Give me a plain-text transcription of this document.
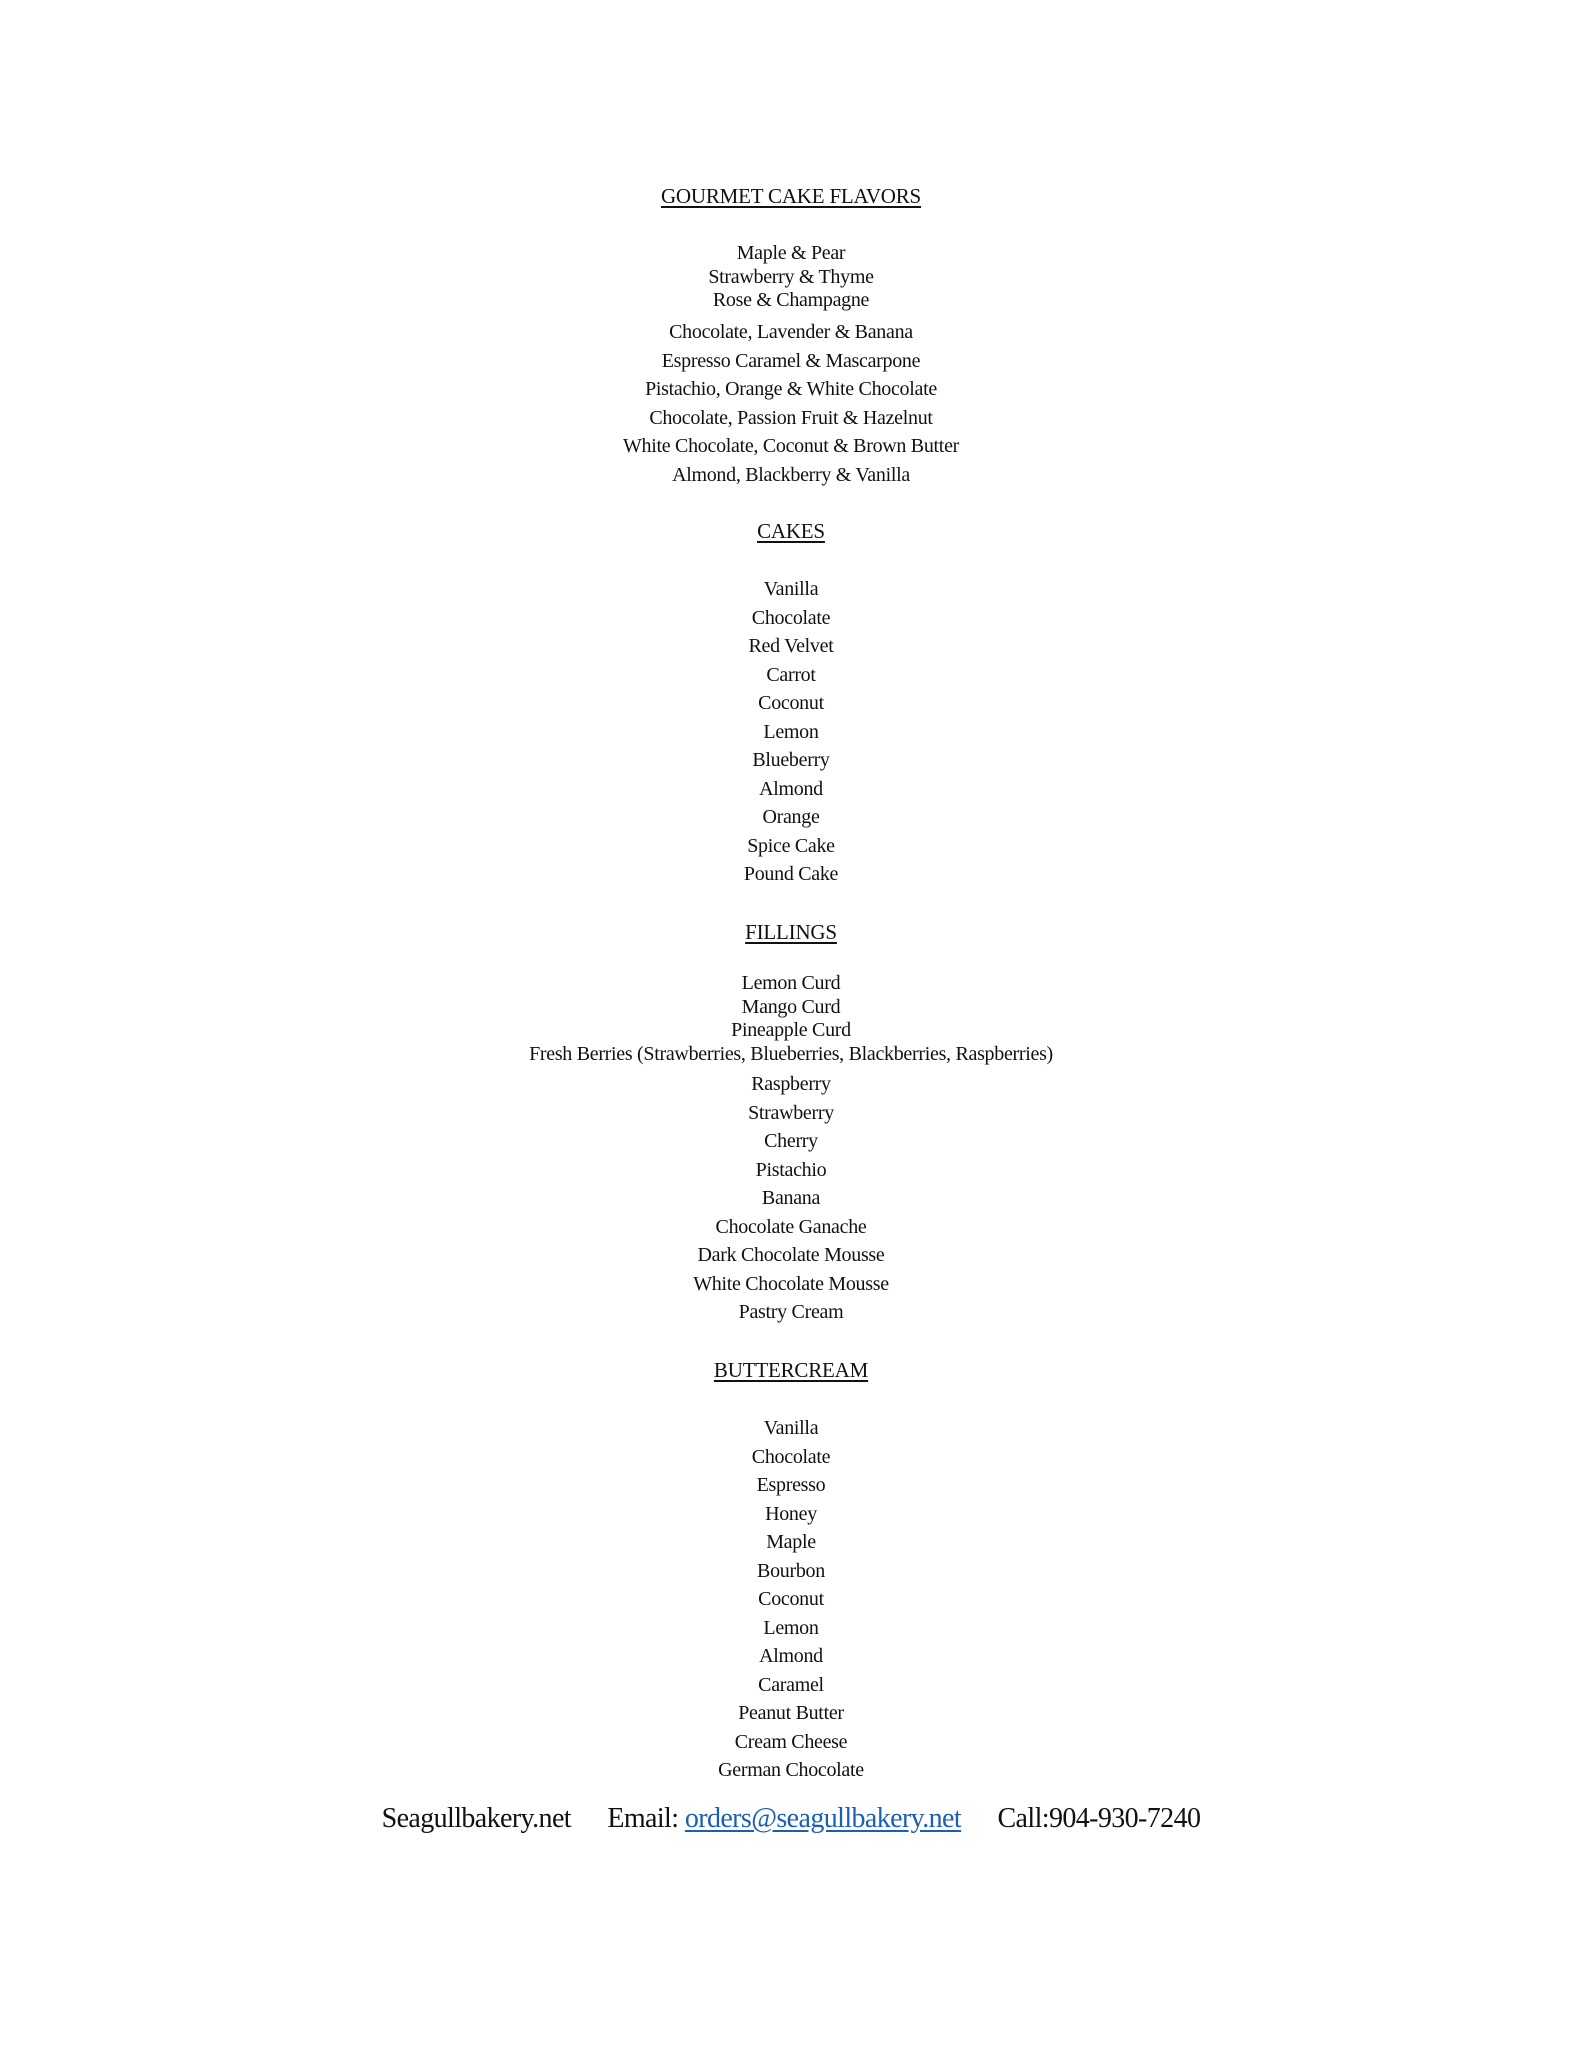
GOURMET CAKE FLAVORS
Maple & Pear
Strawberry & Thyme
Rose & Champagne
Chocolate, Lavender & Banana
Espresso Caramel & Mascarpone
Pistachio, Orange & White Chocolate
Chocolate, Passion Fruit & Hazelnut
White Chocolate, Coconut & Brown Butter
Almond, Blackberry & Vanilla
CAKES
Vanilla
Chocolate
Red Velvet
Carrot
Coconut
Lemon
Blueberry
Almond
Orange
Spice Cake
Pound Cake
FILLINGS
Lemon Curd
Mango Curd
Pineapple Curd
Fresh Berries (Strawberries, Blueberries, Blackberries, Raspberries)
Raspberry
Strawberry
Cherry
Pistachio
Banana
Chocolate Ganache
Dark Chocolate Mousse
White Chocolate Mousse
Pastry Cream
BUTTERCREAM
Vanilla
Chocolate
Espresso
Honey
Maple
Bourbon
Coconut
Lemon
Almond
Caramel
Peanut Butter
Cream Cheese
German Chocolate
Seagullbakery.net Email: orders@seagullbakery.net Call:904-930-7240
